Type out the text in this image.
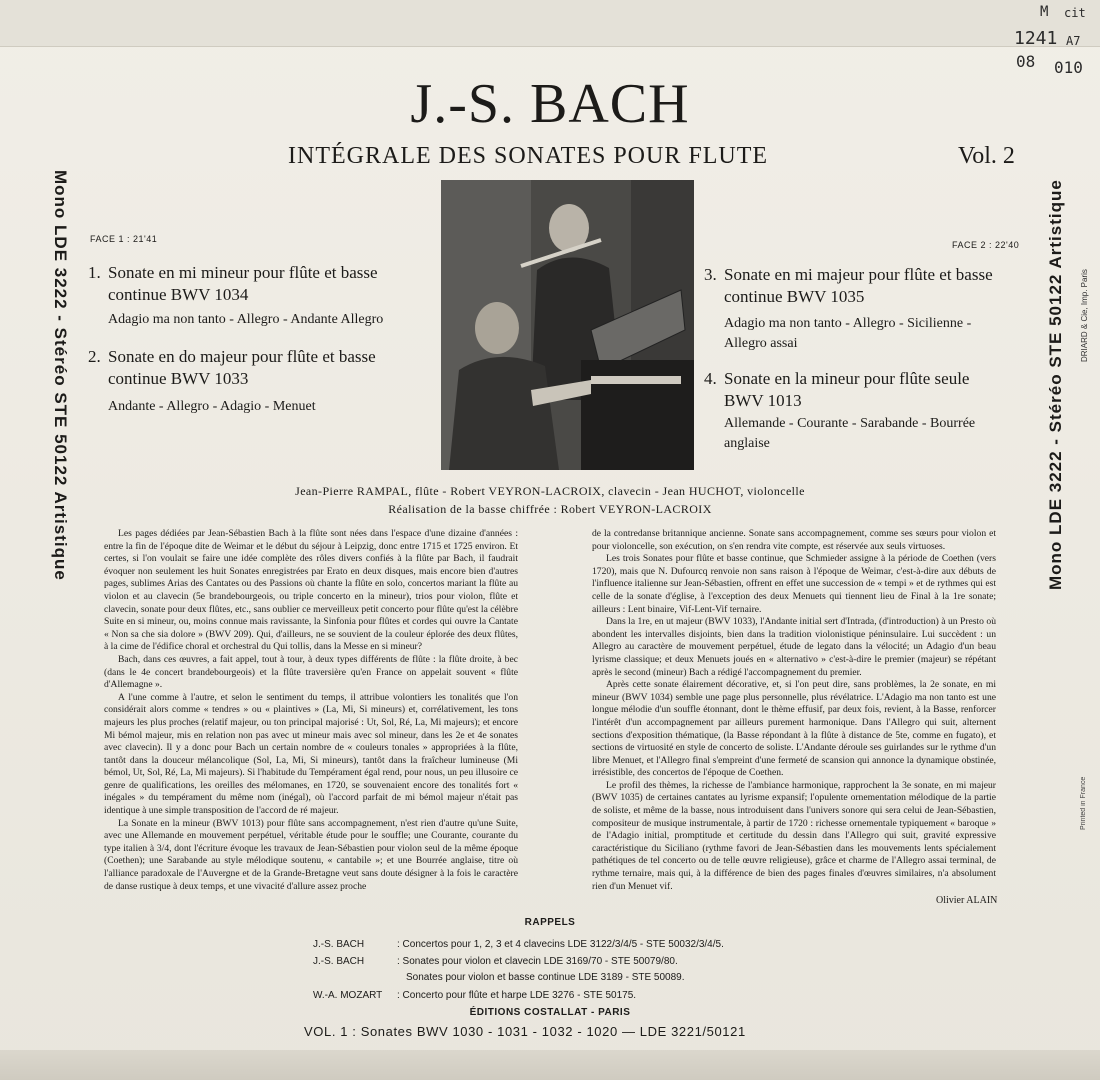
M cit
1241 A7
08 010
J.-S. BACH
INTÉGRALE DES SONATES POUR FLUTE	Vol. 2
Mono LDE 3222 - Stéréo STE 50122 Artistique	Mono LDE 3222 - Stéréo STE 50122 Artistique	DRIARD & Cie, Imp. Paris
Printed in France
FACE 1 : 21'41
1. Sonate en mi mineur pour flûte et basse
continue BWV 1034
Adagio ma non tanto - Allegro - Andante Allegro
2. Sonate en do majeur pour flûte et basse
continue BWV 1033
Andante - Allegro - Adagio - Menuet
FACE 2 : 22'40
3. Sonate en mi majeur pour flûte et basse
continue BWV 1035
Adagio ma non tanto - Allegro - Sicilienne -
Allegro assai
4. Sonate en la mineur pour flûte seule
BWV 1013
Allemande - Courante - Sarabande - Bourrée
anglaise
Jean-Pierre RAMPAL, flûte - Robert VEYRON-LACROIX, clavecin - Jean HUCHOT, violoncelle
Réalisation de la basse chiffrée : Robert VEYRON-LACROIX

Les pages dédiées par Jean-Sébastien Bach à la flûte sont nées dans l'espace d'une dizaine d'années : entre la fin de l'époque dite de Weimar et le début du séjour à Leipzig, donc entre 1715 et 1725 environ. Et certes, si l'on voulait se faire une idée complète des rôles divers confiés à la flûte par Bach, il faudrait évoquer non seulement les huit Sonates enregistrées par Erato en deux disques, mais encore bien d'autres pages, sublimes Arias des Cantates ou des Passions où chante la flûte en solo, concertos mariant la flûte au violon et au clavecin (5e brandebourgeois, ou triple concerto en la mineur), trios pour violon, flûte et clavecin, sonate pour deux flûtes, etc., sans oublier ce merveilleux petit concerto pour flûte qu'est la célèbre Suite en si mineur, ou, moins connue mais ravissante, la Sinfonia pour flûtes et cordes qui ouvre la Cantate « Non sa che sia dolore » (BWV 209). Qui, d'ailleurs, ne se souvient de la couleur éplorée des deux flûtes, à la cime de l'édifice choral et orchestral du Qui tollis, dans la Messe en si mineur?

Bach, dans ces œuvres, a fait appel, tout à tour, à deux types différents de flûte : la flûte droite, à bec (dans le 4e concert brandebourgeois) et la flûte traversière qu'en France on appelait souvent « flûte d'Allemagne ».

A l'une comme à l'autre, et selon le sentiment du temps, il attribue volontiers les tonalités que l'on considérait alors comme « tendres » ou « plaintives » (La, Mi, Si mineurs) et, corrélativement, les tons majeurs les plus proches (relatif majeur, ou ton principal majorisé : Ut, Sol, Ré, La, Mi majeurs); et encore Mi bémol majeur, mis en relation non pas avec ut mineur mais avec sol mineur, dans les 2e et 4e sonates avec clavecin). Il y a donc pour Bach un certain nombre de « couleurs tonales » appropriées à la flûte, tantôt dans la douceur mélancolique (Sol, La, Mi, Si mineurs), tantôt dans la fraîcheur lumineuse (Mi bémol, Ut, Sol, Ré, La, Mi majeurs). Si l'habitude du Tempérament égal rend, pour nous, un peu illusoire ce genre de qualifications, les oreilles des mélomanes, en 1720, se souvenaient encore des tonalités fort « inégales » du tempérament du même nom (inégal), où l'accord parfait de mi bémol majeur n'était pas identique à une simple transposition de l'accord de ré majeur.

La Sonate en la mineur (BWV 1013) pour flûte sans accompagnement, n'est rien d'autre qu'une Suite, avec une Allemande en mouvement perpétuel, véritable étude pour le souffle; une Courante, courante du type italien à 3/4, dont l'écriture évoque les travaux de Jean-Sébastien pour violon seul de la même époque (Coethen); une Sarabande au style mélodique soutenu, « cantabile »; et une Bourrée anglaise, titre où l'alliance paradoxale de l'Auvergne et de la Grande-Bretagne veut sans doute désigner à la fois le caractère de danse rustique à deux temps, et une vivacité d'allure assez proche

de la contredanse britannique ancienne. Sonate sans accompagnement, comme ses sœurs pour violon et pour violoncelle, son exécution, on s'en rendra vite compte, est réservée aux seuls virtuoses.

Les trois Sonates pour flûte et basse continue, que Schmieder assigne à la période de Coethen (vers 1720), mais que N. Dufourcq renvoie non sans raison à l'époque de Weimar, c'est-à-dire aux débuts de l'influence italienne sur Jean-Sébastien, offrent en effet une succession de « tempi » et de rythmes qui est celle de la sonate d'église, à l'exception des deux Menuets qui tiennent lieu de Final à la 1re sonate; ailleurs : Lent binaire, Vif-Lent-Vif ternaire.

Dans la 1re, en ut majeur (BWV 1033), l'Andante initial sert d'Intrada, (d'introduction) à un Presto où abondent les intervalles disjoints, bien dans la tradition violonistique péninsulaire. Lui succèdent : un Allegro au caractère de mouvement perpétuel, étude de legato dans la vélocité; un Adagio d'un beau lyrisme classique; et deux Menuets joués en « alternativo » c'est-à-dire le premier (majeur) se répétant après le second (mineur) Bach a rédigé l'accompagnement du premier.

Après cette sonate élairement décorative, et, si l'on peut dire, sans problèmes, la 2e sonate, en mi mineur (BWV 1034) semble une page plus personnelle, plus révélatrice. L'Adagio ma non tanto est une longue mélodie d'un souffle étonnant, dont le thème effusif, par deux fois, revient, à la Basse, renforcer l'intérêt d'un accompagnement par ailleurs purement harmonique. Dans l'Allegro qui suit, alternent sections d'exposition thématique, (la Basse répondant à la flûte à distance de 5te, comme en fugato), et sections de virtuosité en style de concerto de soliste. L'Andante déroule ses guirlandes sur le rythme d'un libre Menuet, et l'Allegro final s'empreint d'une fermeté de scansion qui annonce la dynamique obstinée, irrésistible, des concertos de l'époque de Coethen.

Le profil des thèmes, la richesse de l'ambiance harmonique, rapprochent la 3e sonate, en mi majeur (BWV 1035) de certaines cantates au lyrisme expansif; l'opulente ornementation mélodique de la partie de soliste, et même de la basse, nous introduisent dans l'univers sonore qui sera celui de Jean-Sébastien, compositeur de musique instrumentale, à partir de 1720 : richesse ornementale typiquement « baroque » de l'Adagio initial, promptitude et certitude du dessin dans l'Allegro qui suit, gravité expressive caractéristique du Siciliano (rythme favori de Jean-Sébastien dans les mouvements lents spécialement pathétiques de tel concerto ou de telle œuvre religieuse), grâce et charme de l'Allegro assai terminal, de rythme ternaire, mais qui, à la différence de bien des pages finales d'œuvres similaires, n'a absolument rien d'un Menuet vif.

Olivier ALAIN
RAPPELS
J.-S. BACH	: Concertos pour 1, 2, 3 et 4 clavecins LDE 3122/3/4/5 - STE 50032/3/4/5.
J.-S. BACH	: Sonates pour violon et clavecin LDE 3169/70 - STE 50079/80.
Sonates pour violon et basse continue LDE 3189 - STE 50089.
W.-A. MOZART : Concerto pour flûte et harpe LDE 3276 - STE 50175.
ÉDITIONS COSTALLAT - PARIS
VOL. 1 : Sonates BWV 1030 - 1031 - 1032 - 1020 — LDE 3221/50121
